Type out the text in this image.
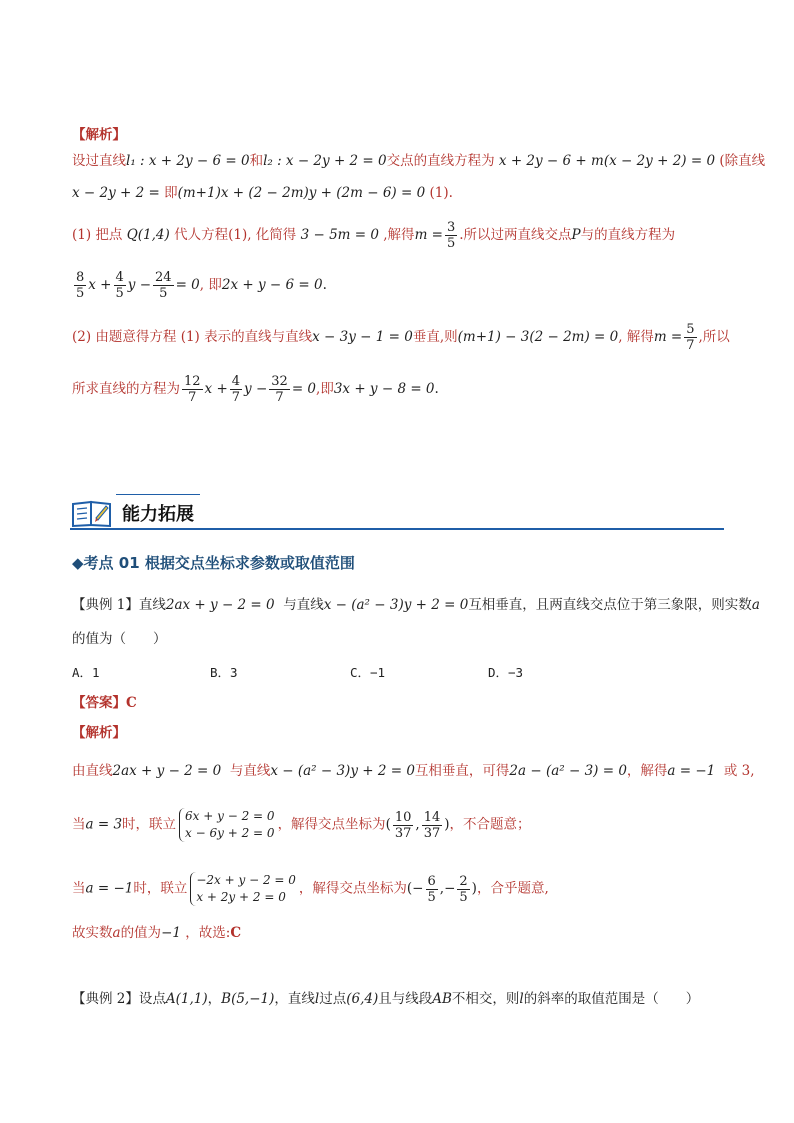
【解析】
设过直线l₁ : x + 2y − 6 = 0和l₂ : x − 2y + 2 = 0交点的直线方程为 x + 2y − 6 + m(x − 2y + 2) = 0 (除直线
x − 2y + 2 = 即(m+1)x + (2 − 2m)y + (2m − 6) = 0 (1).
(1) 把点 Q(1,4) 代人方程(1), 化简得 3 − 5m = 0 ,解得$m = \frac{3}{5}$ .所以过两直线交点P与的直线方程为
$\frac{8}{5}$ $x + \frac{4}{5}$ $y - \frac{24}{5} = 0$, 即2x + y − 6 = 0.
(2) 由题意得方程 (1) 表示的直线与直线x − 3y − 1 = 0垂直,则(m+1) − 3(2 − 2m) = 0, 解得$m = \frac{5}{7}$ ,所以
所求直线的方程为 $\frac{12}{7}$ $x + \frac{4}{7}$ $y - \frac{32}{7} = 0$,即3x + y − 8 = 0.
能力拓展
◆考点 01 根据交点坐标求参数或取值范围
【典例 1】直线2ax + y − 2 = 0 与直线x − (a² − 3)y + 2 = 0互相垂直，且两直线交点位于第三象限，则实数a
的值为（　　）
A．1	B．3	C．−1	D．−3
【答案】C
【解析】
由直线2ax + y − 2 = 0 与直线x − (a² − 3)y + 2 = 0互相垂直，可得2a − (a² − 3) = 0，解得a = −1 或 3,
当a = 3时，联立
6x + y − 2 = 0
x − 6y + 2 = 0
，解得交点坐标为( $\frac{10}{37}$ , $\frac{14}{37}$ )，不合题意；
当a = −1时，联立
−2x + y − 2 = 0
x + 2y + 2 = 0
，解得交点坐标为(− $\frac{6}{5}$ ,− $\frac{2}{5}$ )，合乎题意,
故实数a的值为−1 ，故选:C
【典例 2】设点A(1,1)，B(5,−1)，直线l过点(6,4)且与线段AB不相交，则l的斜率的取值范围是（　　）
